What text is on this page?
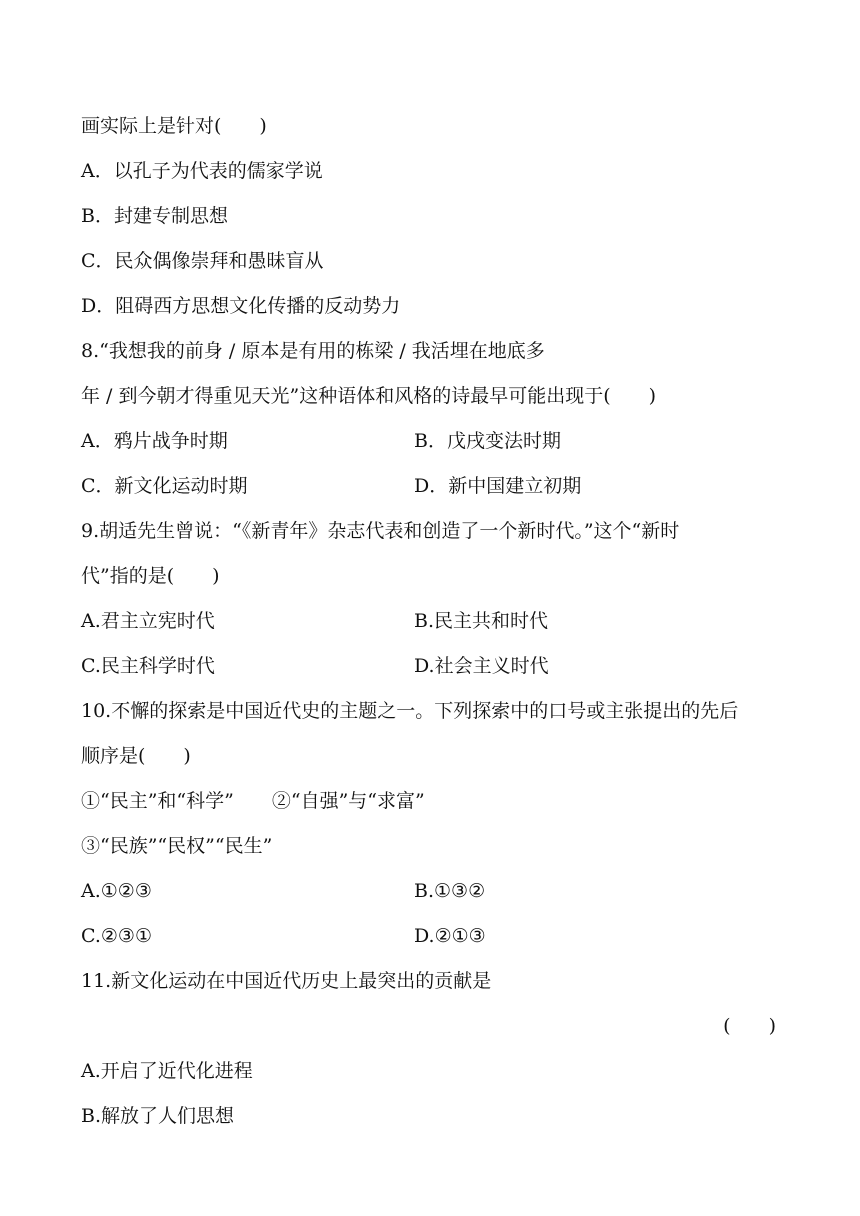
画实际上是针对(　　)
A．以孔子为代表的儒家学说
B．封建专制思想
C．民众偶像崇拜和愚昧盲从
D．阻碍西方思想文化传播的反动势力
8.“我想我的前身 / 原本是有用的栋梁 / 我活埋在地底多
年 / 到今朝才得重见天光”这种语体和风格的诗最早可能出现于(　　)
A．鸦片战争时期	B．戊戌变法时期
C．新文化运动时期	D．新中国建立初期
9.胡适先生曾说：“《新青年》杂志代表和创造了一个新时代。”这个“新时
代”指的是(　　)
A.君主立宪时代	B.民主共和时代
C.民主科学时代	D.社会主义时代
10.不懈的探索是中国近代史的主题之一。下列探索中的口号或主张提出的先后
顺序是(　　)
①“民主”和“科学”　　②“自强”与“求富”
③“民族”“民权”“民生”
A.①②③	B.①③②
C.②③①	D.②①③
11.新文化运动在中国近代历史上最突出的贡献是
(　　)
A.开启了近代化进程
B.解放了人们思想
